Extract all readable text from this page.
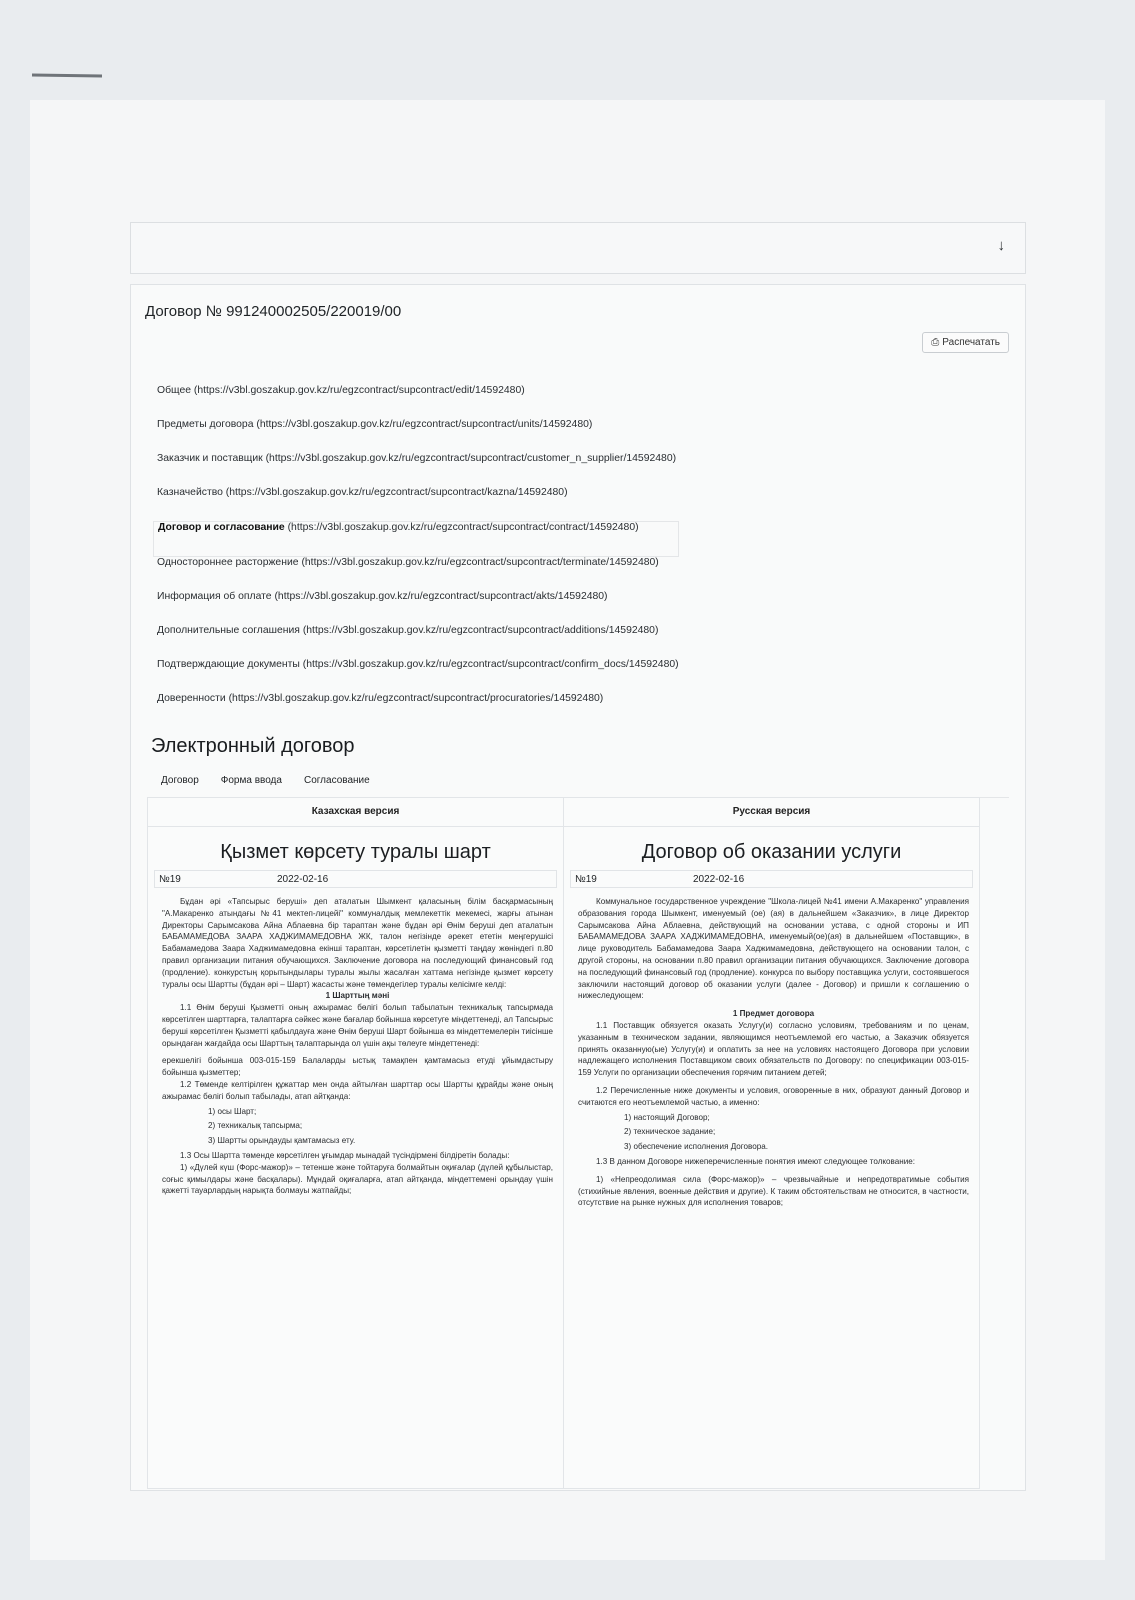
↓
Договор № 991240002505/220019/00
⎙ Распечатать
Общее (https://v3bl.goszakup.gov.kz/ru/egzcontract/supcontract/edit/14592480)
Предметы договора (https://v3bl.goszakup.gov.kz/ru/egzcontract/supcontract/units/14592480)
Заказчик и поставщик (https://v3bl.goszakup.gov.kz/ru/egzcontract/supcontract/customer_n_supplier/14592480)
Казначейство (https://v3bl.goszakup.gov.kz/ru/egzcontract/supcontract/kazna/14592480)
Договор и согласование (https://v3bl.goszakup.gov.kz/ru/egzcontract/supcontract/contract/14592480)
Одностороннее расторжение (https://v3bl.goszakup.gov.kz/ru/egzcontract/supcontract/terminate/14592480)
Информация об оплате (https://v3bl.goszakup.gov.kz/ru/egzcontract/supcontract/akts/14592480)
Дополнительные соглашения (https://v3bl.goszakup.gov.kz/ru/egzcontract/supcontract/additions/14592480)
Подтверждающие документы (https://v3bl.goszakup.gov.kz/ru/egzcontract/supcontract/confirm_docs/14592480)
Доверенности (https://v3bl.goszakup.gov.kz/ru/egzcontract/supcontract/procuratories/14592480)
Электронный договор
Договор Форма ввода Согласование
Казахская версия
Қызмет көрсету туралы шарт
№19	2022-02-16

Бұдан әрі «Тапсырыс беруші» деп аталатын Шымкент қаласының білім басқармасының "А.Макаренко атындағы №41 мектеп-лицейі" коммуналдық мемлекеттік мекемесі, жарғы атынан Директоры Сарымсакова Айна Аблаевна бір тараптан және бұдан әрі Өнім беруші деп аталатын БАБАМАМЕДОВА ЗААРА ХАДЖИМАМЕДОВНА ЖК, талон негізінде әрекет ететін меңгерушісі Бабамамедова Заара Хаджимамедовна екінші тараптан, көрсетілетін қызметті таңдау жөніндегі п.80 правил организации питания обучающихся. Заключение договора на последующий финансовый год (продление). конкурстың қорытындылары туралы жылы жасалған хаттама негізінде қызмет көрсету туралы осы Шартты (бұдан әрі – Шарт) жасасты және төмендегілер туралы келісімге келді:

1 Шарттың мәні

1.1 Өнім беруші Қызметті оның ажырамас бөлігі болып табылатын техникалық тапсырмада көрсетілген шарттарға, талаптарға сәйкес және бағалар бойынша көрсетуге міндеттенеді, ал Тапсырыс беруші көрсетілген Қызметті қабылдауға және Өнім беруші Шарт бойынша өз міндеттемелерін тиісінше орындаған жағдайда осы Шарттың талаптарында ол үшін ақы төлеуге міндеттенеді:

ерекшелігі бойынша 003-015-159 Балаларды ыстық тамақпен қамтамасыз етуді ұйымдастыру бойынша қызметтер;

1.2 Төменде келтірілген құжаттар мен онда айтылған шарттар осы Шартты құрайды және оның ажырамас бөлігі болып табылады, атап айтқанда:

1) осы Шарт;

2) техникалық тапсырма;

3) Шартты орындауды қамтамасыз ету.

1.3 Осы Шартта төменде көрсетілген ұғымдар мынадай түсіндірмені білдіретін болады:

1) «Дүлей күш (Форс-мажор)» – тетенше және тойтаруға болмайтын оқиғалар (дүлей құбылыстар, соғыс қимылдары және басқалары). Мұндай оқиғаларға, атап айтқанда, міндеттемені орындау үшін қажетті тауарлардың нарықта болмауы жатпайды;

Русская версия
Договор об оказании услуги
№19	2022-02-16

Коммунальное государственное учреждение "Школа-лицей №41 имени А.Макаренко" управления образования города Шымкент, именуемый (ое) (ая) в дальнейшем «Заказчик», в лице Директор Сарымсакова Айна Аблаевна, действующий на основании устава, с одной стороны и ИП БАБАМАМЕДОВА ЗААРА ХАДЖИМАМЕДОВНА, именуемый(ое)(ая) в дальнейшем «Поставщик», в лице руководитель Бабамамедова Заара Хаджимамедовна, действующего на основании талон, с другой стороны, на основании п.80 правил организации питания обучающихся. Заключение договора на последующий финансовый год (продление). конкурса по выбору поставщика услуги, состоявшегося заключили настоящий договор об оказании услуги (далее - Договор) и пришли к соглашению о нижеследующем:

1 Предмет договора

1.1 Поставщик обязуется оказать Услугу(и) согласно условиям, требованиям и по ценам, указанным в техническом задании, являющимся неотъемлемой его частью, а Заказчик обязуется принять оказанную(ые) Услугу(и) и оплатить за нее на условиях настоящего Договора при условии надлежащего исполнения Поставщиком своих обязательств по Договору: по спецификации 003-015-159 Услуги по организации обеспечения горячим питанием детей;

1.2 Перечисленные ниже документы и условия, оговоренные в них, образуют данный Договор и считаются его неотъемлемой частью, а именно:

1) настоящий Договор;

2) техническое задание;

3) обеспечение исполнения Договора.

1.3 В данном Договоре нижеперечисленные понятия имеют следующее толкование:

1) «Непреодолимая сила (Форс-мажор)» – чрезвычайные и непредотвратимые события (стихийные явления, военные действия и другие). К таким обстоятельствам не относится, в частности, отсутствие на рынке нужных для исполнения товаров;
